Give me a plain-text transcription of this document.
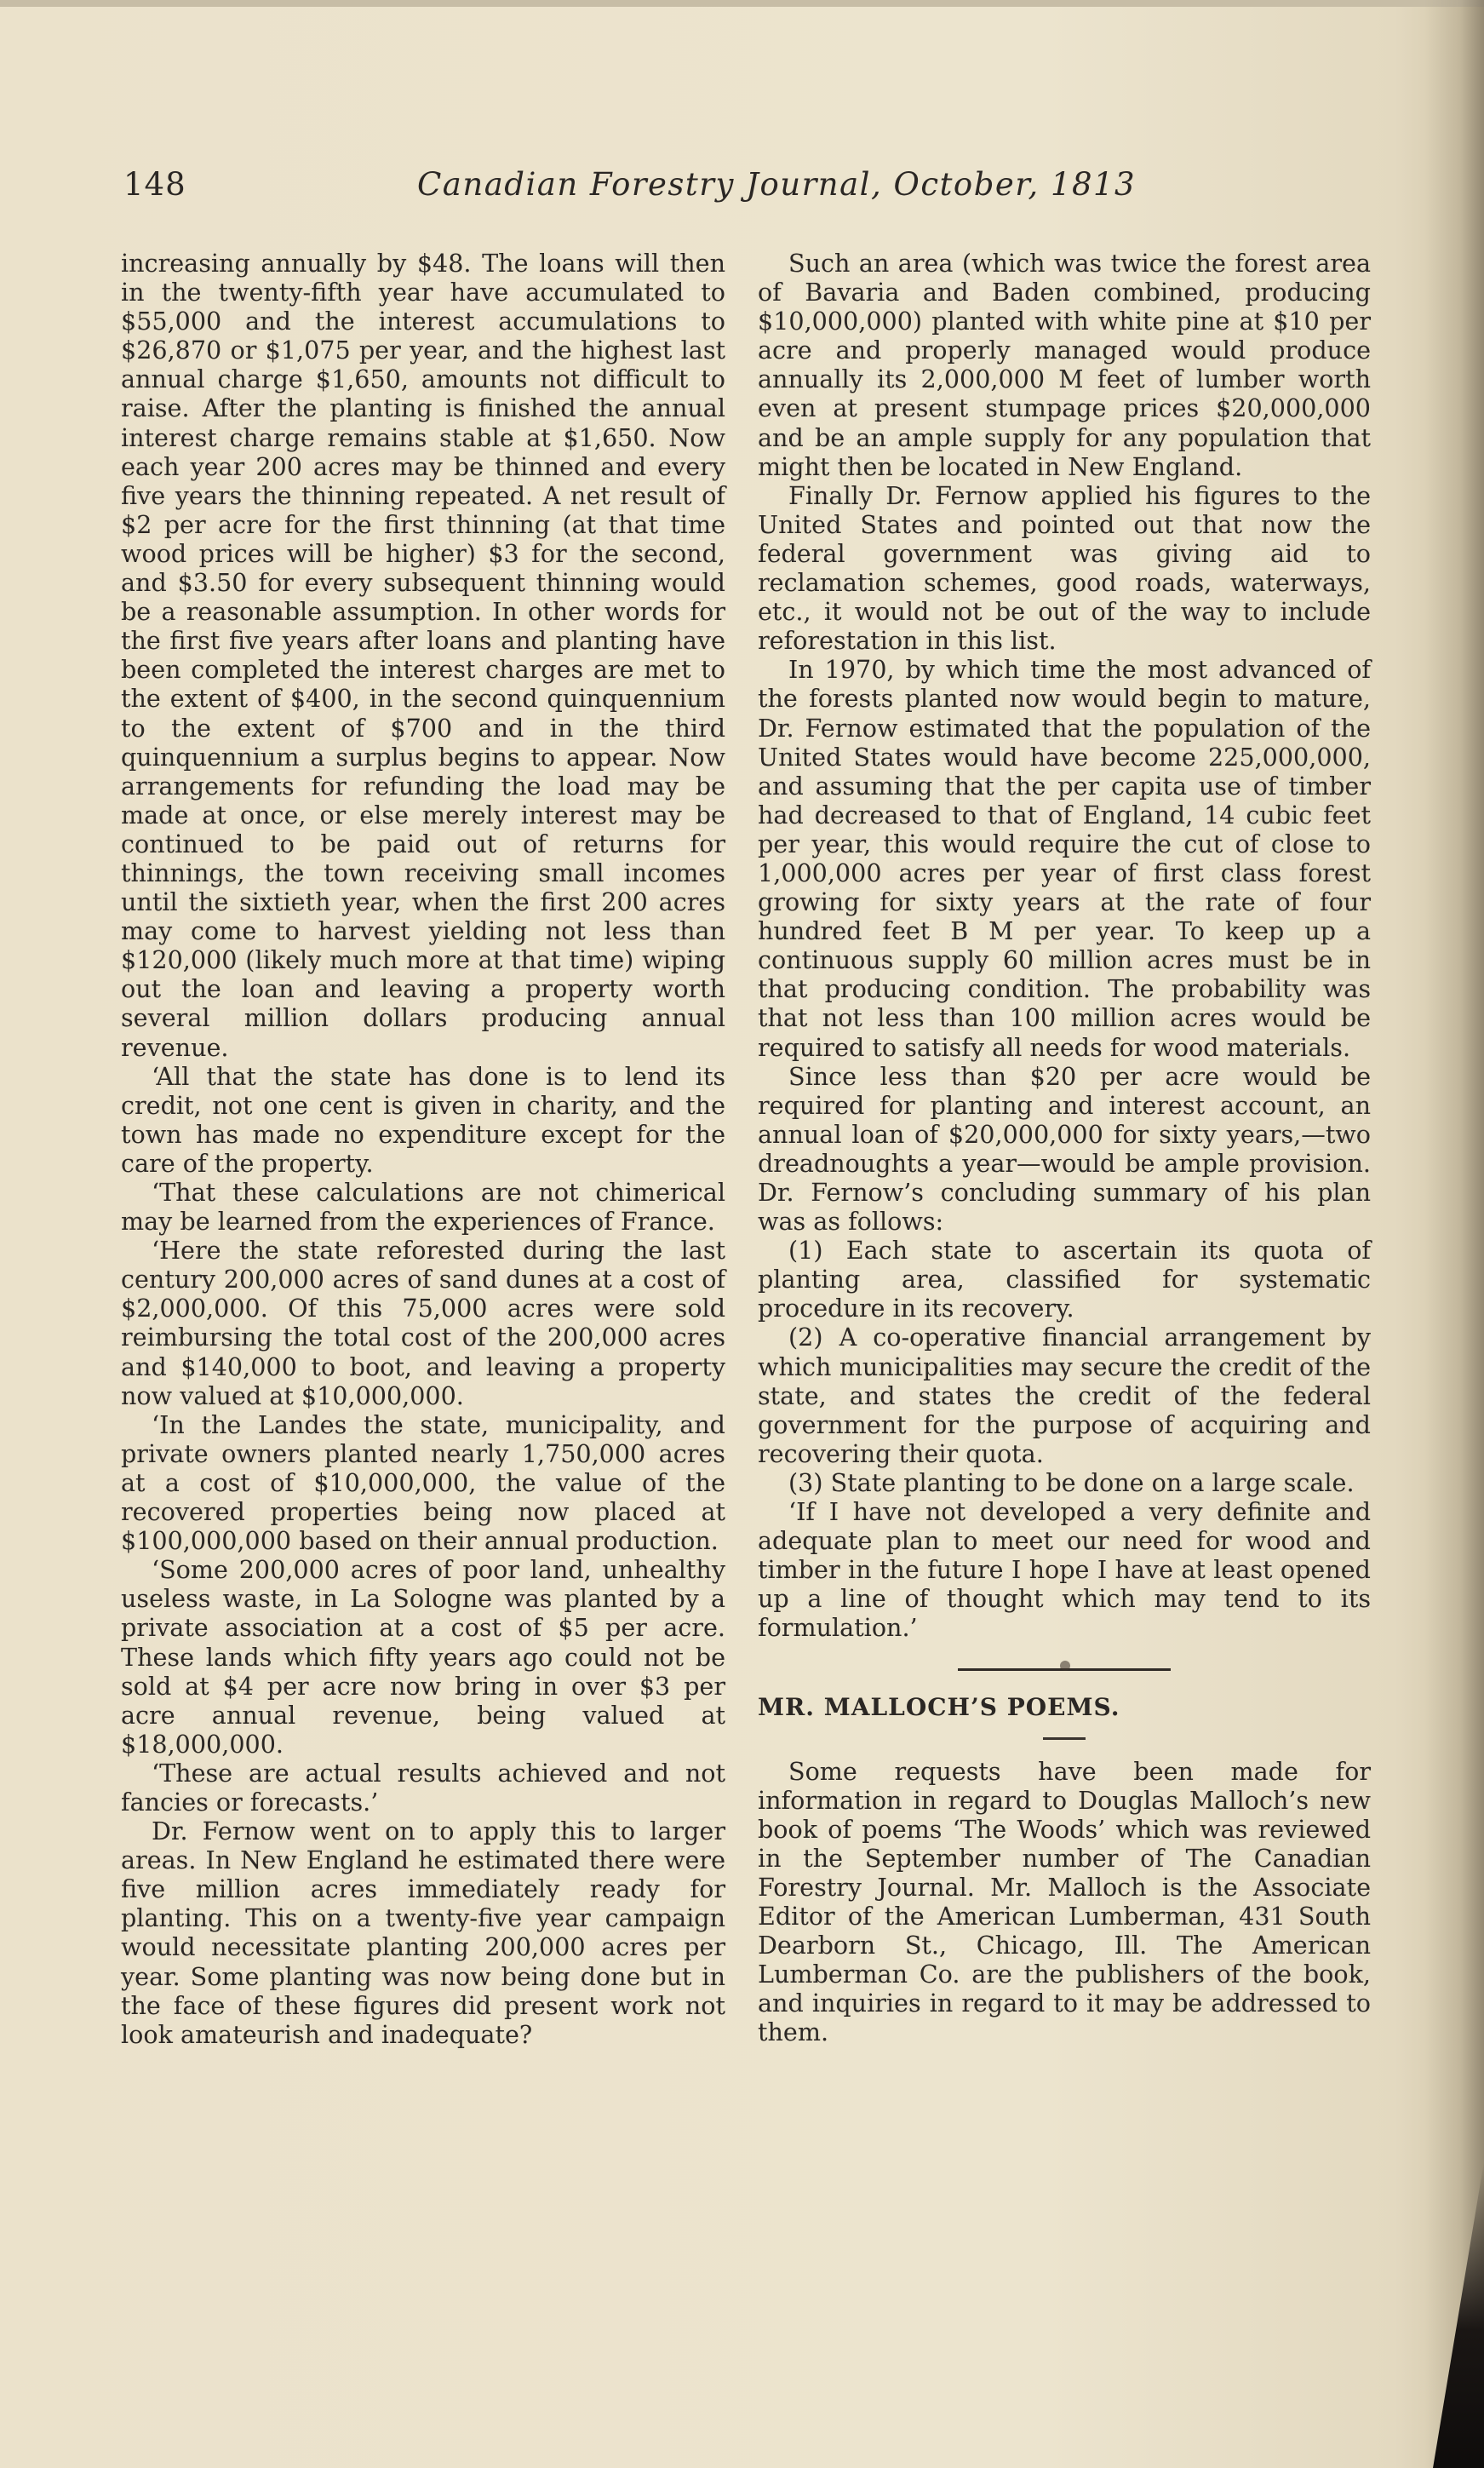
148	Canadian Forestry Journal, October, 1813

increasing annually by $48. The loans will then in the twenty-fifth year have accumulated to $55,000 and the interest accumulations to $26,870 or $1,075 per year, and the highest last annual charge $1,650, amounts not difficult to raise. After the planting is finished the annual interest charge remains stable at $1,650. Now each year 200 acres may be thinned and every five years the thinning repeated. A net result of $2 per acre for the first thinning (at that time wood prices will be higher) $3 for the second, and $3.50 for every subsequent thinning would be a reasonable assumption. In other words for the first five years after loans and planting have been completed the interest charges are met to the extent of $400, in the second quinquennium to the extent of $700 and in the third quinquennium a surplus begins to appear. Now arrangements for refunding the load may be made at once, or else merely interest may be continued to be paid out of returns for thinnings, the town receiving small incomes until the sixtieth year, when the first 200 acres may come to harvest yielding not less than $120,000 (likely much more at that time) wiping out the loan and leaving a property worth several million dollars producing annual revenue.

‘All that the state has done is to lend its credit, not one cent is given in charity, and the town has made no expenditure except for the care of the property.

‘That these calculations are not chimerical may be learned from the experiences of France.

‘Here the state reforested during the last century 200,000 acres of sand dunes at a cost of $2,000,000. Of this 75,000 acres were sold reimbursing the total cost of the 200,000 acres and $140,000 to boot, and leaving a property now valued at $10,000,000.

‘In the Landes the state, municipality, and private owners planted nearly 1,750,000 acres at a cost of $10,000,000, the value of the recovered properties being now placed at $100,000,000 based on their annual production.

‘Some 200,000 acres of poor land, unhealthy useless waste, in La Sologne was planted by a private association at a cost of $5 per acre. These lands which fifty years ago could not be sold at $4 per acre now bring in over $3 per acre annual revenue, being valued at $18,000,000.

‘These are actual results achieved and not fancies or forecasts.’

Dr. Fernow went on to apply this to larger areas. In New England he estimated there were five million acres immediately ready for planting. This on a twenty-five year campaign would necessitate planting 200,000 acres per year. Some planting was now being done but in the face of these figures did present work not look amateurish and inadequate?

Such an area (which was twice the forest area of Bavaria and Baden combined, producing $10,000,000) planted with white pine at $10 per acre and properly managed would produce annually its 2,000,000 M feet of lumber worth even at present stumpage prices $20,000,000 and be an ample supply for any population that might then be located in New England.

Finally Dr. Fernow applied his figures to the United States and pointed out that now the federal government was giving aid to reclamation schemes, good roads, waterways, etc., it would not be out of the way to include reforestation in this list.

In 1970, by which time the most advanced of the forests planted now would begin to mature, Dr. Fernow estimated that the population of the United States would have become 225,000,000, and assuming that the per capita use of timber had decreased to that of England, 14 cubic feet per year, this would require the cut of close to 1,000,000 acres per year of first class forest growing for sixty years at the rate of four hundred feet B M per year. To keep up a continuous supply 60 million acres must be in that producing condition. The probability was that not less than 100 million acres would be required to satisfy all needs for wood materials.

Since less than $20 per acre would be required for planting and interest account, an annual loan of $20,000,000 for sixty years,—two dreadnoughts a year—would be ample provision. Dr. Fernow’s concluding summary of his plan was as follows:

(1) Each state to ascertain its quota of planting area, classified for systematic procedure in its recovery.

(2) A co-operative financial arrangement by which municipalities may secure the credit of the state, and states the credit of the federal government for the purpose of acquiring and recovering their quota.

(3) State planting to be done on a large scale.

‘If I have not developed a very definite and adequate plan to meet our need for wood and timber in the future I hope I have at least opened up a line of thought which may tend to its formulation.’

MR. MALLOCH’S POEMS.

Some requests have been made for information in regard to Douglas Malloch’s new book of poems ‘The Woods’ which was reviewed in the September number of The Canadian Forestry Journal. Mr. Malloch is the Associate Editor of the American Lumberman, 431 South Dearborn St., Chicago, Ill. The American Lumberman Co. are the publishers of the book, and inquiries in regard to it may be addressed to them.
